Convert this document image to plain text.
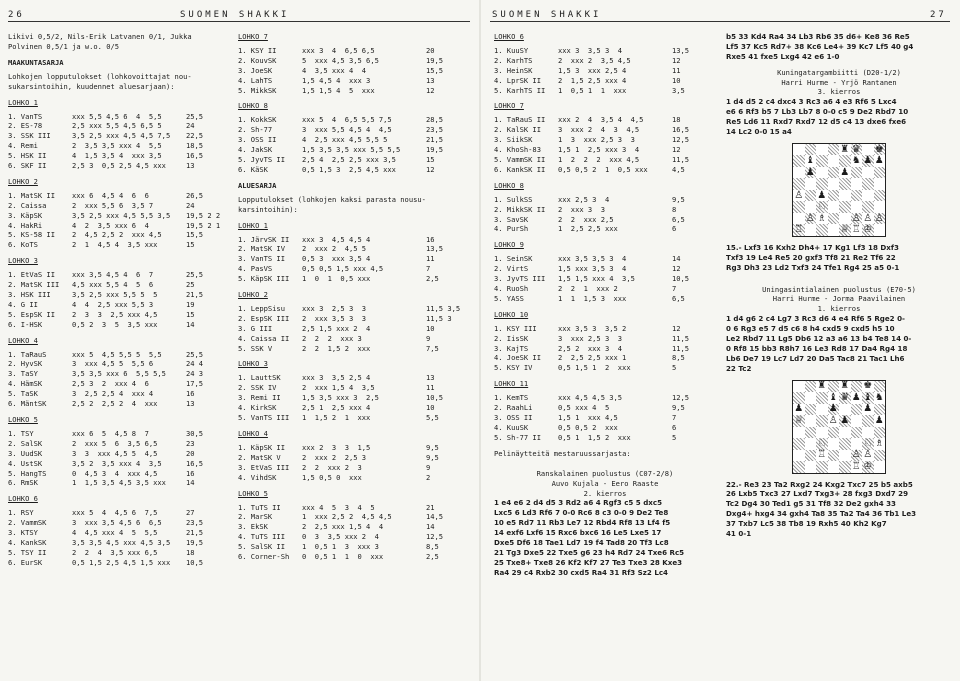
26	SUOMEN SHAKKI
Likivi 0,5/2, Nils-Erik Latvanen 0/1, Jukka
Polvinen 0,5/1 ja w.o. 0/5
MAAKUNTASARJA
Lohkojen lopputulokset (lohkovoittajat nou-
sukarsintoihin, kuudennet aluesarjaan):
LOHKO 1
1. VanTS	xxx 5,5 4,5 6  4  5,5	25,5
2. ES-78	2,5 xxx 5,5 4,5 6,5 5	24
3. SSK III	3,5 2,5 xxx 4,5 4,5 7,5	22,5
4. Remi	2  3,5 3,5 xxx 4  5,5	18,5
5. HSK II	4  1,5 3,5 4  xxx 3,5	16,5
6. SKF II	2,5 3  0,5 2,5 4,5 xxx	13
LOHKO 2
1. MatSK II	xxx 6  4,5 4  6  6	26,5
2. Caissa	2  xxx 5,5 6  3,5 7	24
3. KäpSK	3,5 2,5 xxx 4,5 5,5 3,5	19,5 2 2
4. HakRi	4  2  3,5 xxx 6  4	19,5 2 1
5. KS-58 II	2  4,5 2,5 2  xxx 4,5	15,5
6. KoTS	2  1  4,5 4  3,5 xxx	15
LOHKO 3
1. EtVaS II	xxx 3,5 4,5 4  6  7	25,5
2. MatSK III	4,5 xxx 5,5 4  5  6	25
3. HSK III	3,5 2,5 xxx 5,5 5  5	21,5
4. G II	4  4  2,5 xxx 5,5 3	19
5. EspSK II	2  3  3  2,5 xxx 4,5	15
6. I-HSK	0,5 2  3  5  3,5 xxx	14
LOHKO 4
1. TaRauS	xxx 5  4,5 5,5 5  5,5	25,5
2. HyvSK	3  xxx 4,5 5  5,5 6	24 4
3. TaSY	3,5 3,5 xxx 6  5,5 5,5	24 3
4. HämSK	2,5 3  2  xxx 4  6	17,5
5. TaSK	3  2,5 2,5 4  xxx 4	16
6. MäntSK	2,5 2  2,5 2  4  xxx	13
LOHKO 5
1. TSY	xxx 6  5  4,5 8  7	30,5
2. SalSK	2  xxx 5  6  3,5 6,5	23
3. UudSK	3  3  xxx 4,5 5  4,5	20
4. UstSK	3,5 2  3,5 xxx 4  3,5	16,5
5. HangTS	0  4,5 3  4  xxx 4,5	16
6. RmSK	1  1,5 3,5 4,5 3,5 xxx	14
LOHKO 6
1. RSY	xxx 5  4  4,5 6  7,5	27
2. VammSK	3  xxx 3,5 4,5 6  6,5	23,5
3. KTSY	4  4,5 xxx 4  5  5,5	21,5
4. KankSK	3,5 3,5 4,5 xxx 4,5 3,5	19,5
5. TSY II	2  2  4  3,5 xxx 6,5	18
6. EurSK	0,5 1,5 2,5 4,5 1,5 xxx	10,5
LOHKO 7
1. KSY II	xxx 3  4  6,5 6,5	20
2. KouvSK	5  xxx 4,5 3,5 6,5	19,5
3. JoeSK	4  3,5 xxx 4  4	15,5
4. LahTS	1,5 4,5 4  xxx 3	13
5. MikkSK	1,5 1,5 4  5  xxx	12
LOHKO 8
1. KokkSK	xxx 5  4  6,5 5,5 7,5	28,5
2. Sh-77	3  xxx 5,5 4,5 4  4,5	23,5
3. OSS II	4  2,5 xxx 4,5 5,5 5	21,5
4. JakSK	1,5 3,5 3,5 xxx 5,5 5,5	19,5
5. JyvTS II	2,5 4  2,5 2,5 xxx 3,5	15
6. KäSK	0,5 1,5 3  2,5 4,5 xxx	12
ALUESARJA
Lopputulokset (lohkojen kaksi parasta nousu-
karsintoihin):
LOHKO 1
1. JärvSK II	xxx 3  4,5 4,5 4	16
2. MatSK IV	2  xxx 2  4,5 5	13,5
3. VanTS II	0,5 3  xxx 3,5 4	11
4. PasVS	0,5 0,5 1,5 xxx 4,5	7
5. KäpSK III	1  0  1  0,5 xxx	2,5
LOHKO 2
1. LeppSisu	xxx 3  2,5 3  3	11,5 3,5
2. EspSK III	2  xxx 3,5 3  3	11,5 3
3. G III	2,5 1,5 xxx 2  4	10
4. Caissa II	2  2  2  xxx 3	9
5. SSK V	2  2  1,5 2  xxx	7,5
LOHKO 3
1. LauttSK	xxx 3  3,5 2,5 4	13
2. SSK IV	2  xxx 1,5 4  3,5	11
3. Remi II	1,5 3,5 xxx 3  2,5	10,5
4. KirkSK	2,5 1  2,5 xxx 4	10
5. VanTS III	1  1,5 2  1  xxx	5,5
LOHKO 4
1. KäpSK II	xxx 2  3  3  1,5	9,5
2. MatSK V	2  xxx 2  2,5 3	9,5
3. EtVaS III	2  2  xxx 2  3	9
4. VihdSK	1,5 0,5 0  xxx	2
LOHKO 5
1. TuTS II	xxx 4  5  3  4  5	21
2. MarSK	1  xxx 2,5 2  4,5 4,5	14,5
3. EkSK	2  2,5 xxx 1,5 4  4	14
4. TuTS III	0  3  3,5 xxx 2  4	12,5
5. SalSK II	1  0,5 1  3  xxx 3	8,5
6. Corner-Sh	0  0,5 1  1  0  xxx	2,5
SUOMEN SHAKKI	27
LOHKO 6
1. KuuSY	xxx 3  3,5 3  4	13,5
2. KarhTS	2  xxx 2  3,5 4,5	12
3. HeinSK	1,5 3  xxx 2,5 4	11
4. LprSK II	2  1,5 2,5 xxx 4	10
5. KarhTS II	1  0,5 1  1  xxx	3,5
LOHKO 7
1. TaRauS II	xxx 2  4  3,5 4  4,5	18
2. KalSK II	3  xxx 2  4  3  4,5	16,5
3. SiikSK	1  3  xxx 2,5 3  3	12,5
4. KhoSh-83	1,5 1  2,5 xxx 3  4	12
5. VammSK II	1  2  2  2  xxx 4,5	11,5
6. KankSK II	0,5 0,5 2  1  0,5 xxx	4,5
LOHKO 8
1. SulkSS	xxx 2,5 3  4	9,5
2. MikkSK II	2  xxx 3  3	8
3. SavSK	2  2  xxx 2,5	6,5
4. PurSh	1  2,5 2,5 xxx	6
LOHKO 9
1. SeinSK	xxx 3,5 3,5 3  4	14
2. VirtS	1,5 xxx 3,5 3  4	12
3. JyvTS III	1,5 1,5 xxx 4  3,5	10,5
4. RuoSh	2  2  1  xxx 2	7
5. YASS	1  1  1,5 3  xxx	6,5
LOHKO 10
1. KSY III	xxx 3,5 3  3,5 2	12
2. IisSK	3  xxx 2,5 3  3	11,5
3. KajTS	2,5 2  xxx 3  4	11,5
4. JoeSK II	2  2,5 2,5 xxx 1	8,5
5. KSY IV	0,5 1,5 1  2  xxx	5
LOHKO 11
1. KemTS	xxx 4,5 4,5 3,5	12,5
2. RaahLi	0,5 xxx 4  5	9,5
3. OSS II	1,5 1  xxx 4,5	7
4. KuuSK	0,5 0,5 2  xxx	6
5. Sh-77 II	0,5 1  1,5 2  xxx	5
Pelinäytteitä mestaruussarjasta:
Ranskalainen puolustus (C07-2/8)
Auvo Kujala - Eero Raaste
2. kierros
1 e4 e6 2 d4 d5 3 Rd2 a6 4 Rgf3 c5 5 dxc5
Lxc5 6 Ld3 Rf6 7 0-0 Rc6 8 c3 0-0 9 De2 Te8
10 e5 Rd7 11 Rb3 Le7 12 Rbd4 Rf8 13 Lf4 f5
14 exf6 Lxf6 15 Rxc6 bxc6 16 Le5 Lxe5 17
Dxe5 Df6 18 Tae1 Ld7 19 f4 Tad8 20 Tf3 Lc8
21 Tg3 Dxe5 22 Txe5 g6 23 h4 Rd7 24 Txe6 Rc5
25 Txe8+ Txe8 26 Kf2 Kf7 27 Te3 Txe3 28 Kxe3
Ra4 29 c4 Rxb2 30 cxd5 Ra4 31 Rf3 Sz2 Lc4
b5 33 Kd4 Ra4 34 Lb3 Rb6 35 d6+ Ke8 36 Re5
Lf5 37 Kc5 Rd7+ 38 Kc6 Le4+ 39 Kc7 Lf5 40 g4
Rxe5 41 fxe5 Lxg4 42 e6 1-0
Kuningatargambiitti (D20-1/2)
Harri Hurme - Yrjö Rantanen
3. kierros
1 d4 d5 2 c4 dxc4 3 Rc3 a6 4 e3 Rf6 5 Lxc4
e6 6 Rf3 b5 7 Lb3 Lb7 8 0-0 c5 9 De2 Rbd7 10
Re5 Ld6 11 Rxd7 Rxd7 12 d5 c4 13 dxe6 fxe6
14 Lc2 0-0 15 a4
♜ ♛ ♚
♝	♞ ♟ ♟
♟	♟
♙ ♟
♘
♙ ♗	♙ ♙ ♙
♖	♕ ♖ ♔
15.- Lxf3 16 Kxh2 Dh4+ 17 Kg1 Lf3 18 Dxf3
Txf3 19 Le4 Re5 20 gxf3 Tf8 21 Re2 Tf6 22
Rg3 Dh3 23 Ld2 Txf3 24 Tfe1 Rg4 25 a5 0-1
Uningasintialainen puolustus (E70-5)
Harri Hurme - Jorma Paavilainen
1. kierros
1 d4 g6 2 c4 Lg7 3 Rc3 d6 4 e4 Rf6 5 Rge2 0-
0 6 Rg3 e5 7 d5 c6 8 h4 cxd5 9 cxd5 h5 10
Le2 Rbd7 11 Lg5 Db6 12 a3 a6 13 b4 Te8 14 0-
0 Rf8 15 bb3 R8h7 16 Le3 Rd8 17 Da4 Rg4 18
Lb6 De7 19 Lc7 Ld7 20 Da5 Tac8 21 Tac1 Lh6
22 Tc2
♜ ♜ ♚
♝ ♛ ♟ ♝ ♞
♟	♟	♟
♕	♙ ♟	♟
♘	♘ ♗
♖	♙ ♙
♖ ♔
22.- Re3 23 Ta2 Rxg2 24 Kxg2 Txc7 25 b5 axb5
26 Lxb5 Txc3 27 Lxd7 Txg3+ 28 fxg3 Dxd7 29
Tc2 Dg4 30 Ted1 g5 31 Tf8 32 De2 gxh4 33
Dxg4+ hxg4 34 gxh4 Ta8 35 Ta2 Ta4 36 Tb1 Le3
37 Txb7 Lc5 38 Tb8 19 Rxh5 40 Kh2 Kg7
41 0-1
